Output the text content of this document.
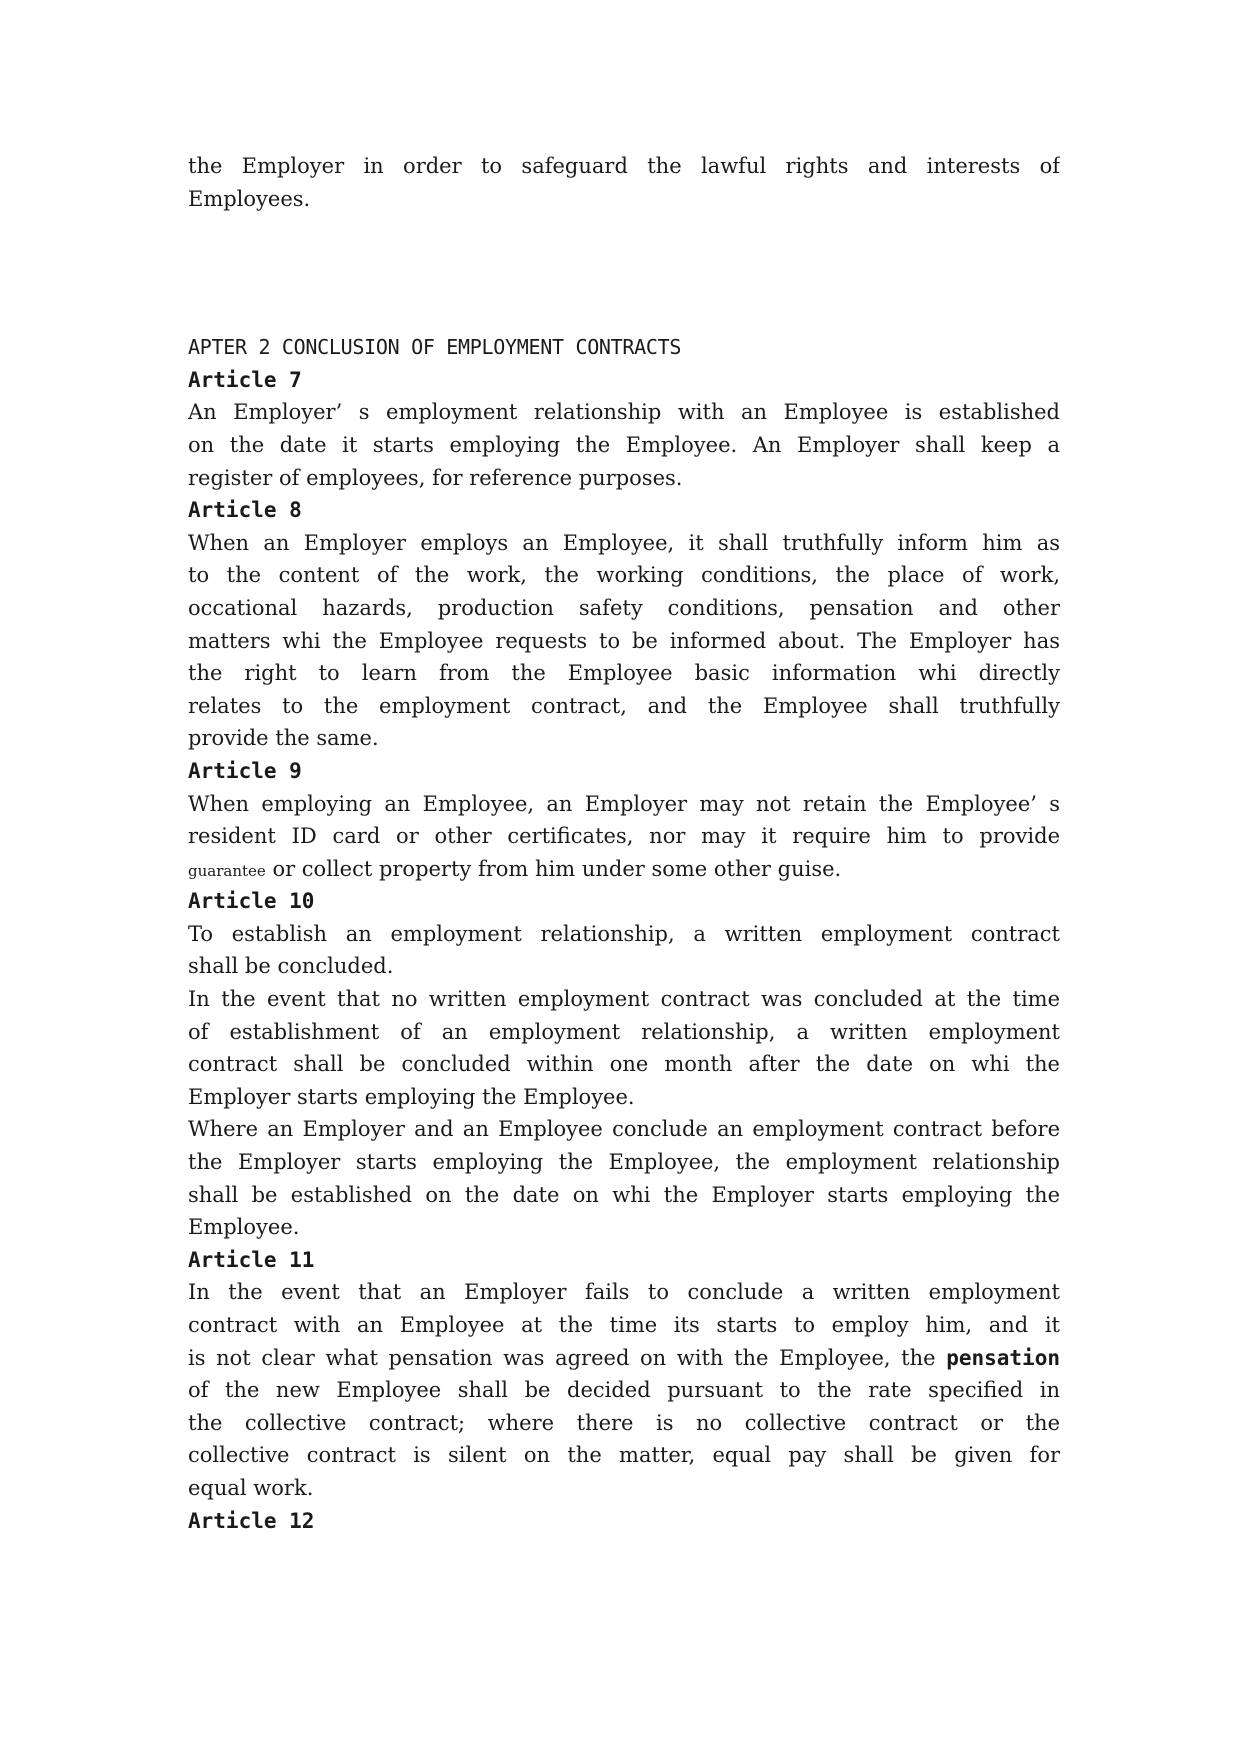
the Employer in order to safeguard the lawful rights and interests of
Employees.
APTER 2 CONCLUSION OF EMPLOYMENT CONTRACTS
Article 7
An Employer’ s employment relationship with an Employee is established
on the date it starts employing the Employee. An Employer shall keep a
register of employees, for reference purposes.
Article 8
When an Employer employs an Employee, it shall truthfully inform him as
to the content of the work, the working conditions, the place of work,
occational hazards, production safety conditions, pensation and other
matters whi the Employee requests to be informed about. The Employer has
the right to learn from the Employee basic information whi directly
relates to the employment contract, and the Employee shall truthfully
provide the same.
Article 9
When employing an Employee, an Employer may not retain the Employee’ s
resident ID card or other certificates, nor may it require him to provide
guarantee or collect property from him under some other guise.
Article 10
To establish an employment relationship, a written employment contract
shall be concluded.
In the event that no written employment contract was concluded at the time
of establishment of an employment relationship, a written employment
contract shall be concluded within one month after the date on whi the
Employer starts employing the Employee.
Where an Employer and an Employee conclude an employment contract before
the Employer starts employing the Employee, the employment relationship
shall be established on the date on whi the Employer starts employing the
Employee.
Article 11
In the event that an Employer fails to conclude a written employment
contract with an Employee at the time its starts to employ him, and it
is not clear what pensation was agreed on with the Employee, the pensation
of the new Employee shall be decided pursuant to the rate specified in
the collective contract; where there is no collective contract or the
collective contract is silent on the matter, equal pay shall be given for
equal work.
Article 12
